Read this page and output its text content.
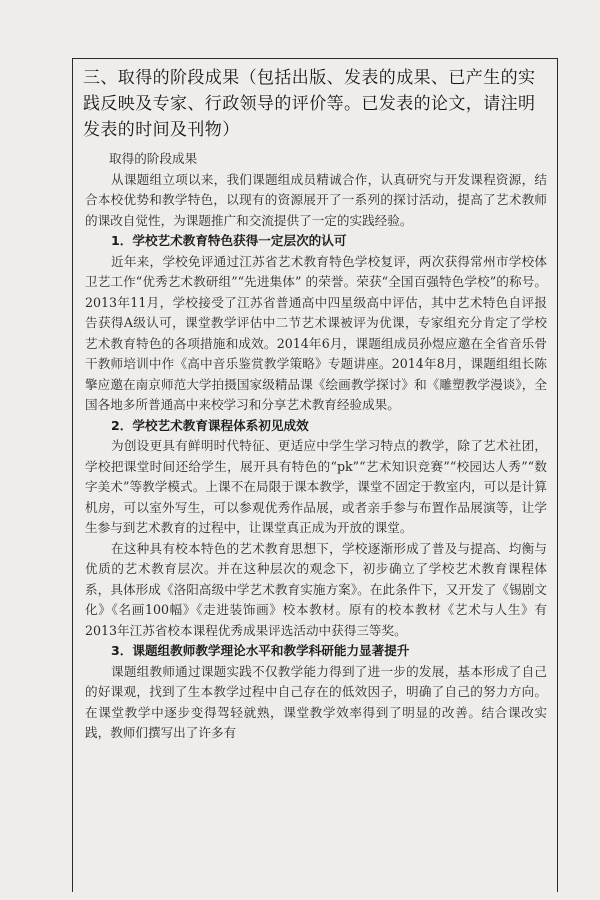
三、取得的阶段成果（包括出版、发表的成果、已产生的实践反映及专家、行政领导的评价等。已发表的论文，请注明发表的时间及刊物）

取得的阶段成果

从课题组立项以来，我们课题组成员精诚合作，认真研究与开发课程资源，结合本校优势和教学特色，以现有的资源展开了一系列的探讨活动，提高了艺术教师的课改自觉性，为课题推广和交流提供了一定的实践经验。

1．学校艺术教育特色获得一定层次的认可

近年来，学校免评通过江苏省艺术教育特色学校复评，两次获得常州市学校体卫艺工作“优秀艺术教研组”“先进集体” 的荣誉。荣获“全国百强特色学校”的称号。2013年11月，学校接受了江苏省普通高中四星级高中评估，其中艺术特色自评报告获得A级认可，课堂教学评估中二节艺术课被评为优课，专家组充分肯定了学校艺术教育特色的各项措施和成效。2014年6月，课题组成员孙煜应邀在全省音乐骨干教师培训中作《高中音乐鉴赏教学策略》专题讲座。2014年8月，课题组组长陈擎应邀在南京师范大学拍摄国家级精品课《绘画教学探讨》和《雕塑教学漫谈》，全国各地多所普通高中来校学习和分享艺术教育经验成果。

2．学校艺术教育课程体系初见成效

为创设更具有鲜明时代特征、更适应中学生学习特点的教学，除了艺术社团，学校把课堂时间还给学生，展开具有特色的“pk”“艺术知识竞赛”“校园达人秀”“数字美术”等教学模式。上课不在局限于课本教学，课堂不固定于教室内，可以是计算机房，可以室外写生，可以参观优秀作品展，或者亲手参与布置作品展演等，让学生参与到艺术教育的过程中，让课堂真正成为开放的课堂。

在这种具有校本特色的艺术教育思想下，学校逐渐形成了普及与提高、均衡与优质的艺术教育层次。并在这种层次的观念下，初步确立了学校艺术教育课程体系，具体形成《洛阳高级中学艺术教育实施方案》。在此条件下，又开发了《锡剧文化》《名画100幅》《走进装饰画》校本教材。原有的校本教材《艺术与人生》有2013年江苏省校本课程优秀成果评选活动中获得三等奖。

3．课题组教师教学理论水平和教学科研能力显著提升

课题组教师通过课题实践不仅教学能力得到了进一步的发展，基本形成了自己的好课观，找到了生本教学过程中自己存在的低效因子，明确了自己的努力方向。在课堂教学中逐步变得驾轻就熟，课堂教学效率得到了明显的改善。结合课改实践，教师们撰写出了许多有
